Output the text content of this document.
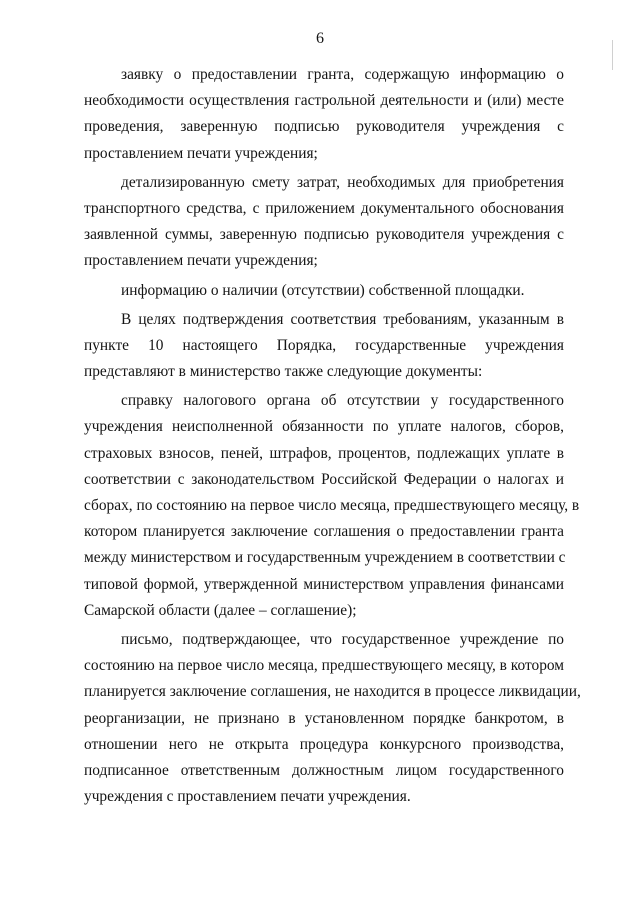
6
заявку о предоставлении гранта, содержащую информацию о
необходимости осуществления гастрольной деятельности и (или) месте
проведения, заверенную подписью руководителя учреждения с
проставлением печати учреждения;
детализированную смету затрат, необходимых для приобретения
транспортного средства, с приложением документального обоснования
заявленной суммы, заверенную подписью руководителя учреждения с
проставлением печати учреждения;
информацию о наличии (отсутствии) собственной площадки.
В целях подтверждения соответствия требованиям, указанным в
пункте 10 настоящего Порядка, государственные учреждения
представляют в министерство также следующие документы:
справку налогового органа об отсутствии у государственного
учреждения неисполненной обязанности по уплате налогов, сборов,
страховых взносов, пеней, штрафов, процентов, подлежащих уплате в
соответствии с законодательством Российской Федерации о налогах и
сборах, по состоянию на первое число месяца, предшествующего месяцу, в
котором планируется заключение соглашения о предоставлении гранта
между министерством и государственным учреждением в соответствии с
типовой формой, утвержденной министерством управления финансами
Самарской области (далее – соглашение);
письмо, подтверждающее, что государственное учреждение по
состоянию на первое число месяца, предшествующего месяцу, в котором
планируется заключение соглашения, не находится в процессе ликвидации,
реорганизации, не признано в установленном порядке банкротом, в
отношении него не открыта процедура конкурсного производства,
подписанное ответственным должностным лицом государственного
учреждения с проставлением печати учреждения.
